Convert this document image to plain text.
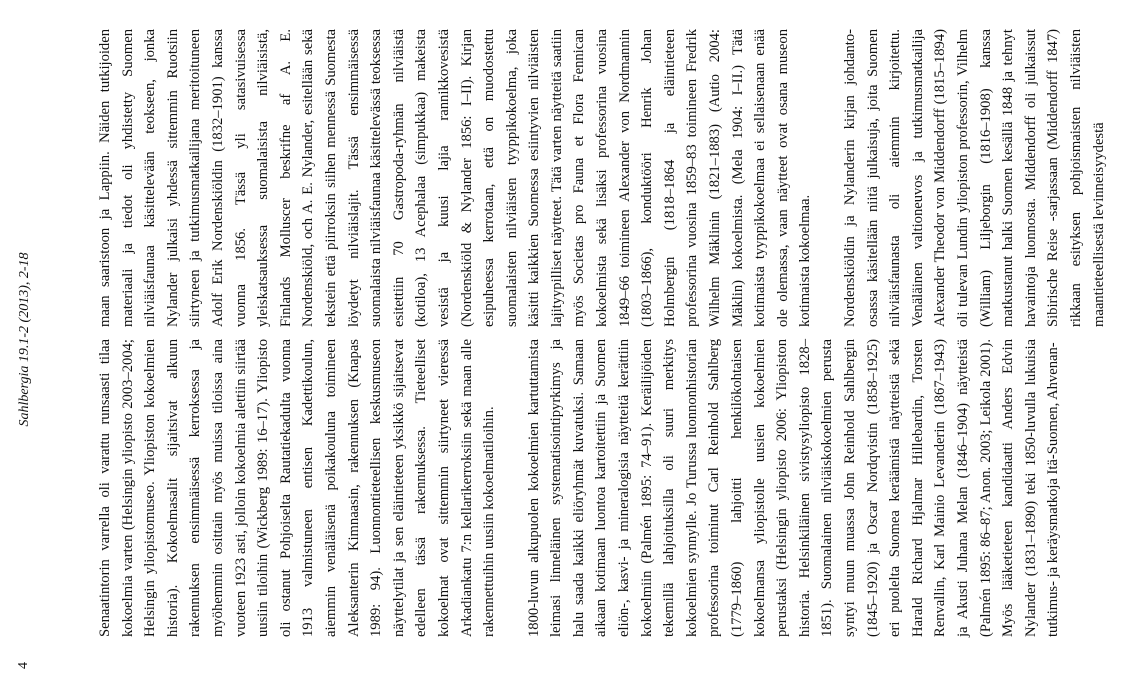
4
Sahlbergia 19.1-2 (2013), 2-18	Senaatintorin varrella oli varattu runsaasti tilaa kokoelmia varten (Helsingin yliopisto 2003–2004; Helsingin yliopistomuseo. Yliopiston kokoelmien historia). Kokoelmasalit sijaitsivat alkuun rakennuksen ensimmäisessä kerroksessa ja myöhemmin osittain myös muissa tiloissa aina vuoteen 1923 asti, jolloin kokoelmia alettiin siirtää uusiin tiloihin (Wickberg 1989: 16–17). Yliopisto oli ostanut Pohjoiselta Rautatiekadulta vuonna 1913 valmistuneen entisen Kadettikoulun, aiemmin venäläisenä poikakouluna toimineen Aleksanterin Kimnaasin, rakennuksen (Knapas 1989: 94). Luonnontieteellisen keskusmuseon näyttelytilat ja sen eläintieteen yksikkö sijaitsevat edelleen tässä rakennuksessa. Tieteelliset kokoelmat ovat sittemmin siirtyneet vieressä Arkadiankatu 7:n kellarikerroksiin sekä maan alle rakennettuihin uusiin kokoelmatiloihin. 1800-luvun alkupuolen kokoelmien kartuttamista leimasi linneläinen systematisointipyrkimys ja halu saada kaikki eliöryhmät kuvatuksi. Samaan aikaan kotimaan luontoa kartoitettiin ja Suomen eliön-, kasvi- ja mineralogisia näytteitä kerättiin kokoelmiin (Palmén 1895: 74–91). Keräilijöiden tekemillä lahjoituksilla oli suuri merkitys kokoelmien synnylle. Jo Turussa luonnonhistorian professorina toiminut Carl Reinhold Sahlberg (1779–1860) lahjoitti henkilökohtaisen kokoelmansa yliopistolle uusien kokoelmien perustaksi (Helsingin yliopisto 2006: Yliopiston historia. Helsinkiläinen sivistysyliopisto 1828–1851). Suomalainen nilviäiskokoelmien perusta syntyi muun muassa John Reinhold Sahlbergin (1845–1920) ja Oscar Nordqvistin (1858–1925) eri puolelta Suomea keräämistä näytteistä sekä Harald Richard Hjalmar Hillebardin, Torsten Renvallin, Karl Mainio Levanderin (1867–1943) ja Akusti Juhana Melan (1846–1904) näytteistä (Palmén 1895: 86–87; Anon. 2003; Leikola 2001). Myös lääketieteen kandidaatti Anders Edvin Nylander (1831–1890) teki 1850-luvulla lukuisia tutkimus- ja keräysmatkoja Itä-Suomen, Ahvenan-

maan saaristoon ja Lappiin. Näiden tutkijoiden materiaali ja tiedot oli yhdistetty Suomen nilviäisfaunaa käsittelevään teokseen, jonka Nylander julkaisi yhdessä sittemmin Ruotsiin siirtyneen ja tutkimusmatkailijana meritoituneen Adolf Erik Nordenskiöldin (1832–1901) kanssa vuonna 1856. Tässä yli satasivuisessa yleiskatsauksessa suomalaisista nilviäisistä, Finlands Molluscer beskrifne af A. E. Nordenskiöld, och A. E. Nylander, esitellään sekä tekstein että piirroksin siihen mennessä Suomesta löydetyt nilviäislajit. Tässä ensimmäisessä suomalaista nilviäisfaunaa käsittelevässä teoksessa esitettiin 70 Gastropoda-ryhmän nilviäistä (kotiloa), 13 Acephalaa (simpukkaa) makeista vesistä ja kuusi lajia rannikkovesistä (Nordenskiöld & Nylander 1856: I–II). Kirjan esipuheessa kerrotaan, että on muodostettu suomalaisten nilviäisten tyyppikokoelma, joka käsitti kaikkien Suomessa esiintyvien nilviäisten lajityypilliset näytteet. Tätä varten näytteitä saatiin myös Societas pro Fauna et Flora Fennican kokoelmista sekä lisäksi professorina vuosina 1849–66 toimineen Alexander von Nordmannin (1803–1866), konduktööri Henrik Johan Holmbergin (1818–1864 ja eläintieteen professorina vuosina 1859–83 toimineen Fredrik Wilhelm Mäklinin (1821–1883) (Autio 2004: Mäklin) kokoelmista. (Mela 1904: I–II.) Tätä kotimaista tyyppikokoelmaa ei sellaisenaan enää ole olemassa, vaan näytteet ovat osana museon kotimaista kokoelmaa. Nordenskiöldin ja Nylanderin kirjan johdanto-osassa käsitellään niitä julkaisuja, joita Suomen nilviäisfaunasta oli aiemmin kirjoitettu. Venäläinen valtioneuvos ja tutkimusmatkailija Alexander Theodor von Middendorff (1815–1894) oli tulevan Lundin yliopiston professorin, Vilhelm (William) Liljeborgin (1816–1908) kanssa matkustanut halki Suomen kesällä 1848 ja tehnyt havaintoja luonnosta. Middendorff oli julkaissut Sibirische Reise -sarjassaan (Middendorff 1847) rikkaan esityksen pohjoismaisten nilviäisten maantieteellisestä levinneisyydestä
